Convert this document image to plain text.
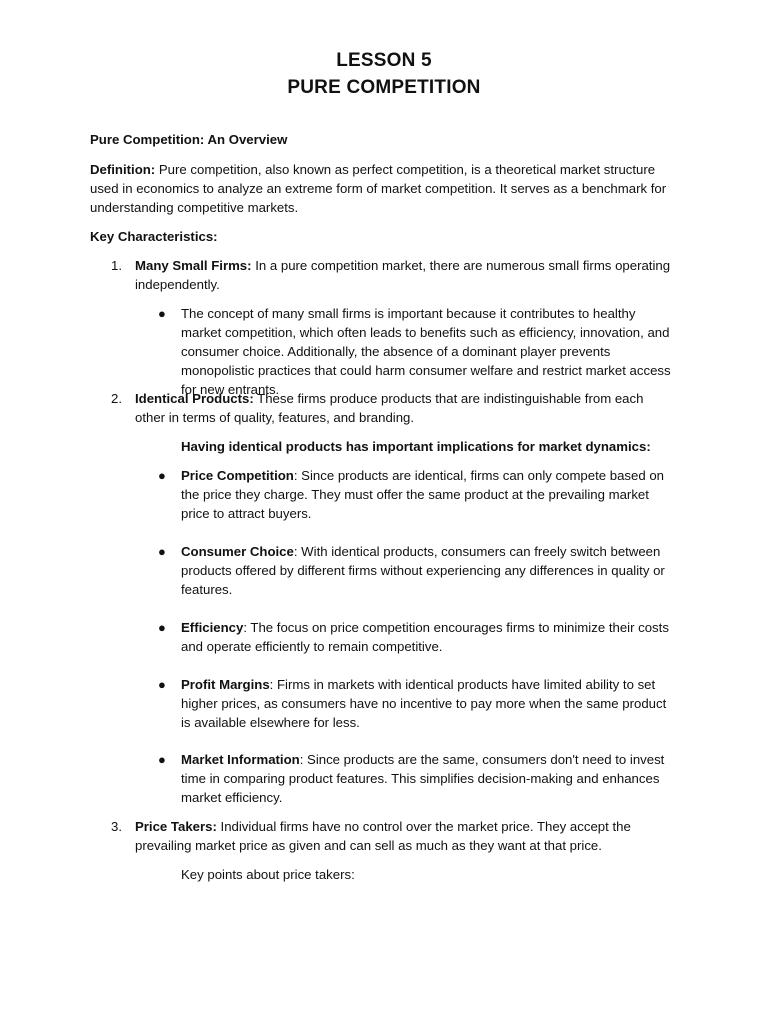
LESSON 5
PURE COMPETITION
Pure Competition: An Overview
Definition: Pure competition, also known as perfect competition, is a theoretical market structure used in economics to analyze an extreme form of market competition. It serves as a benchmark for understanding competitive markets.
Key Characteristics:
1. Many Small Firms: In a pure competition market, there are numerous small firms operating independently.
● The concept of many small firms is important because it contributes to healthy market competition, which often leads to benefits such as efficiency, innovation, and consumer choice. Additionally, the absence of a dominant player prevents monopolistic practices that could harm consumer welfare and restrict market access for new entrants.
2. Identical Products: These firms produce products that are indistinguishable from each other in terms of quality, features, and branding.
Having identical products has important implications for market dynamics:
● Price Competition: Since products are identical, firms can only compete based on the price they charge. They must offer the same product at the prevailing market price to attract buyers.
● Consumer Choice: With identical products, consumers can freely switch between products offered by different firms without experiencing any differences in quality or features.
● Efficiency: The focus on price competition encourages firms to minimize their costs and operate efficiently to remain competitive.
● Profit Margins: Firms in markets with identical products have limited ability to set higher prices, as consumers have no incentive to pay more when the same product is available elsewhere for less.
● Market Information: Since products are the same, consumers don't need to invest time in comparing product features. This simplifies decision-making and enhances market efficiency.
3. Price Takers: Individual firms have no control over the market price. They accept the prevailing market price as given and can sell as much as they want at that price.
Key points about price takers:
